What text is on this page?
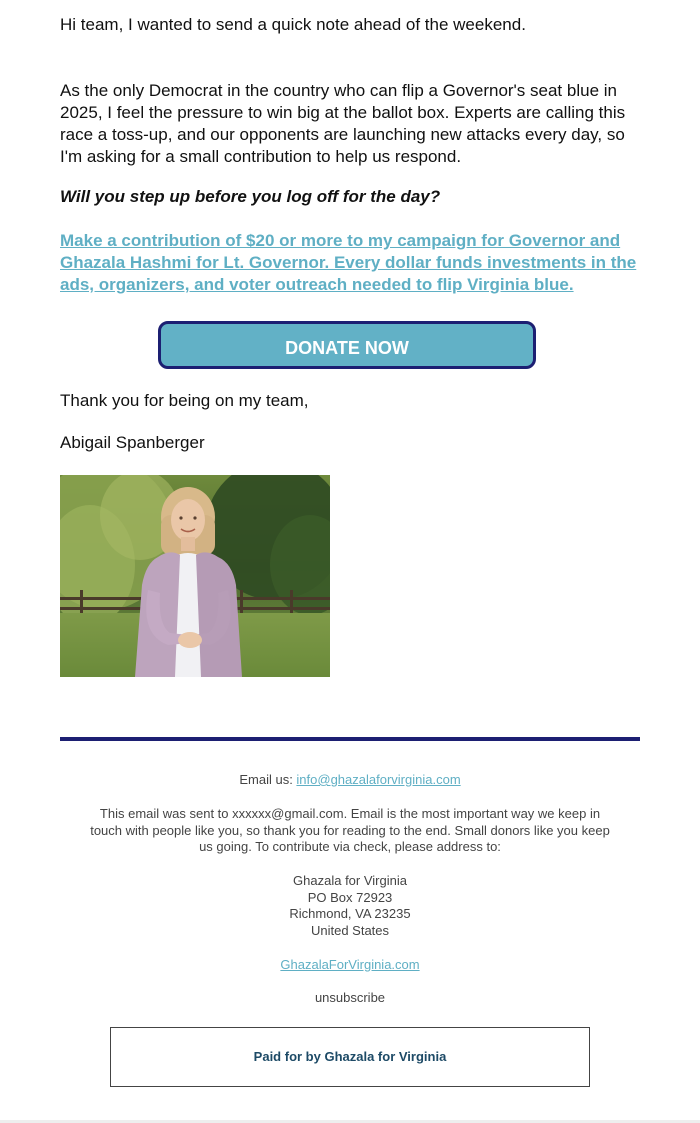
Hi team, I wanted to send a quick note ahead of the weekend.

As the only Democrat in the country who can flip a Governor's seat blue in 2025, I feel the pressure to win big at the ballot box. Experts are calling this race a toss-up, and our opponents are launching new attacks every day, so I'm asking for a small contribution to help us respond.

Will you step up before you log off for the day?

Make a contribution of $20 or more to my campaign for Governor and Ghazala Hashmi for Lt. Governor. Every dollar funds investments in the ads, organizers, and voter outreach needed to flip Virginia blue.
DONATE NOW

Thank you for being on my team,

Abigail Spanberger

Email us: info@ghazalaforvirginia.com

This email was sent to xxxxxx@gmail.com. Email is the most important way we keep in touch with people like you, so thank you for reading to the end. Small donors like you keep us going. To contribute via check, please address to:

Ghazala for Virginia
PO Box 72923
Richmond, VA 23235
United States

GhazalaForVirginia.com

unsubscribe

Paid for by Ghazala for Virginia
